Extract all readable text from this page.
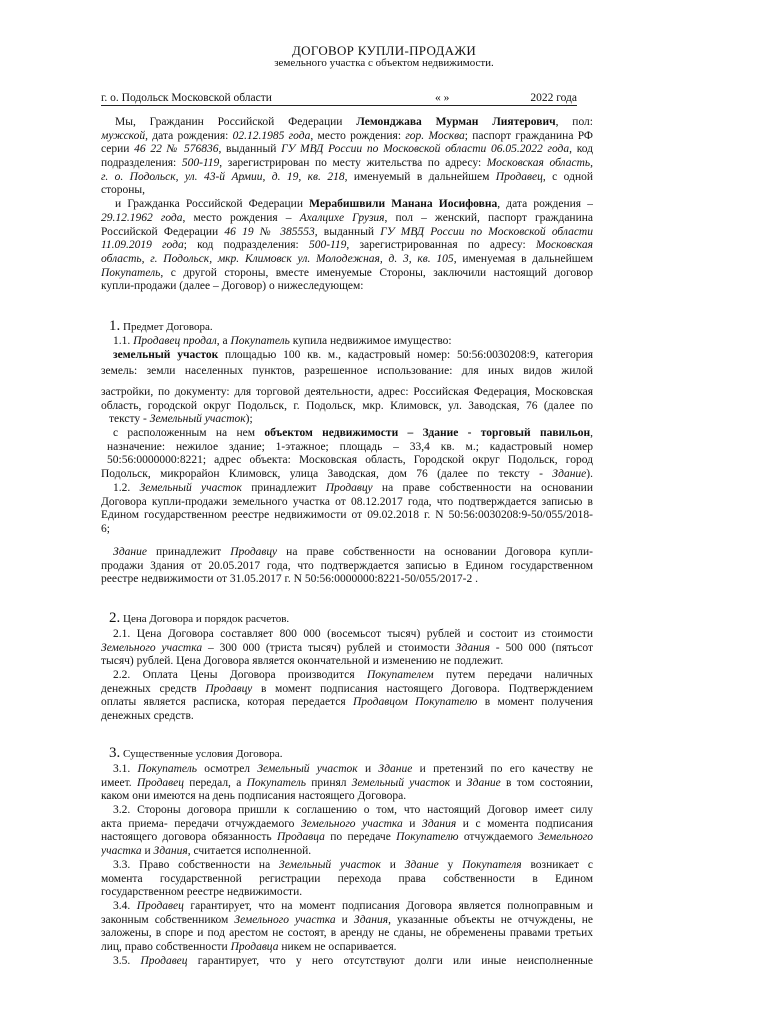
ДОГОВОР КУПЛИ-ПРОДАЖИ
земельного участка с объектом недвижимости.
г. о. Подольск Московской области	« »	2022 года
Мы, Гражданин Российской Федерации Лемонджава Мурман Лиятерович, пол:
мужской, дата рождения: 02.12.1985 года, место рождения: гор. Москва; паспорт гражданина РФ
серии 46 22 № 576836, выданный ГУ МВД России по Московской области 06.05.2022 года, код
подразделения: 500-119, зарегистрирован по месту жительства по адресу: Московская область,
г. о. Подольск, ул. 43-й Армии, д. 19, кв. 218, именуемый в дальнейшем Продавец, с одной
стороны,
и Гражданка Российской Федерации Мерабишвили Манана Иосифовна, дата рождения –
29.12.1962 года, место рождения – Ахалцихе Грузия, пол – женский, паспорт гражданина
Российской Федерации 46 19 № 385553, выданный ГУ МВД России по Московской области
11.09.2019 года; код подразделения: 500-119, зарегистрированная по адресу: Московская
область, г. Подольск, мкр. Климовск ул. Молодежная, д. 3, кв. 105, именуемая в дальнейшем
Покупатель, с другой стороны, вместе именуемые Стороны, заключили настоящий договор
купли-продажи (далее – Договор) о нижеследующем:
1. Предмет Договора.
1.1. Продавец продал, а Покупатель купила недвижимое имущество:
земельный участок площадью 100 кв. м., кадастровый номер: 50:56:0030208:9, категория
земель: земли населенных пунктов, разрешенное использование: для иных видов жилой
застройки, по документу: для торговой деятельности, адрес: Российская Федерация, Московская
область, городской округ Подольск, г. Подольск, мкр. Климовск, ул. Заводская, 76 (далее по
тексту - Земельный участок);
с расположенным на нем объектом недвижимости – Здание - торговый павильон,
назначение: нежилое здание; 1-этажное; площадь – 33,4 кв. м.; кадастровый номер
50:56:0000000:8221; адрес объекта: Московская область, Городской округ Подольск, город
Подольск, микрорайон Климовск, улица Заводская, дом 76 (далее по тексту - Здание).
1.2. Земельный участок принадлежит Продавцу на праве собственности на основании
Договора купли-продажи земельного участка от 08.12.2017 года, что подтверждается записью в
Едином государственном реестре недвижимости от 09.02.2018 г. N 50:56:0030208:9-50/055/2018-
6;
Здание принадлежит Продавцу на праве собственности на основании Договора купли-
продажи Здания от 20.05.2017 года, что подтверждается записью в Едином государственном
реестре недвижимости от 31.05.2017 г. N 50:56:0000000:8221-50/055/2017-2 .
2. Цена Договора и порядок расчетов.
2.1. Цена Договора составляет 800 000 (восемьсот тысяч) рублей и состоит из стоимости
Земельного участка – 300 000 (триста тысяч) рублей и стоимости Здания - 500 000 (пятьсот
тысяч) рублей. Цена Договора является окончательной и изменению не подлежит.
2.2. Оплата Цены Договора производится Покупателем путем передачи наличных
денежных средств Продавцу в момент подписания настоящего Договора. Подтверждением
оплаты является расписка, которая передается Продавцом Покупателю в момент получения
денежных средств.
3. Существенные условия Договора.
3.1. Покупатель осмотрел Земельный участок и Здание и претензий по его качеству не
имеет. Продавец передал, а Покупатель принял Земельный участок и Здание в том состоянии,
каком они имеются на день подписания настоящего Договора.
3.2. Стороны договора пришли к соглашению о том, что настоящий Договор имеет силу
акта приема- передачи отчуждаемого Земельного участка и Здания и с момента подписания
настоящего договора обязанность Продавца по передаче Покупателю отчуждаемого Земельного
участка и Здания, считается исполненной.
3.3. Право собственности на Земельный участок и Здание у Покупателя возникает с
момента государственной регистрации перехода права собственности в Едином
государственном реестре недвижимости.
3.4. Продавец гарантирует, что на момент подписания Договора является полноправным и
законным собственником Земельного участка и Здания, указанные объекты не отчуждены, не
заложены, в споре и под арестом не состоят, в аренду не сданы, не обременены правами третьих
лиц, право собственности Продавца никем не оспаривается.
3.5. Продавец гарантирует, что у него отсутствуют долги или иные неисполненные
